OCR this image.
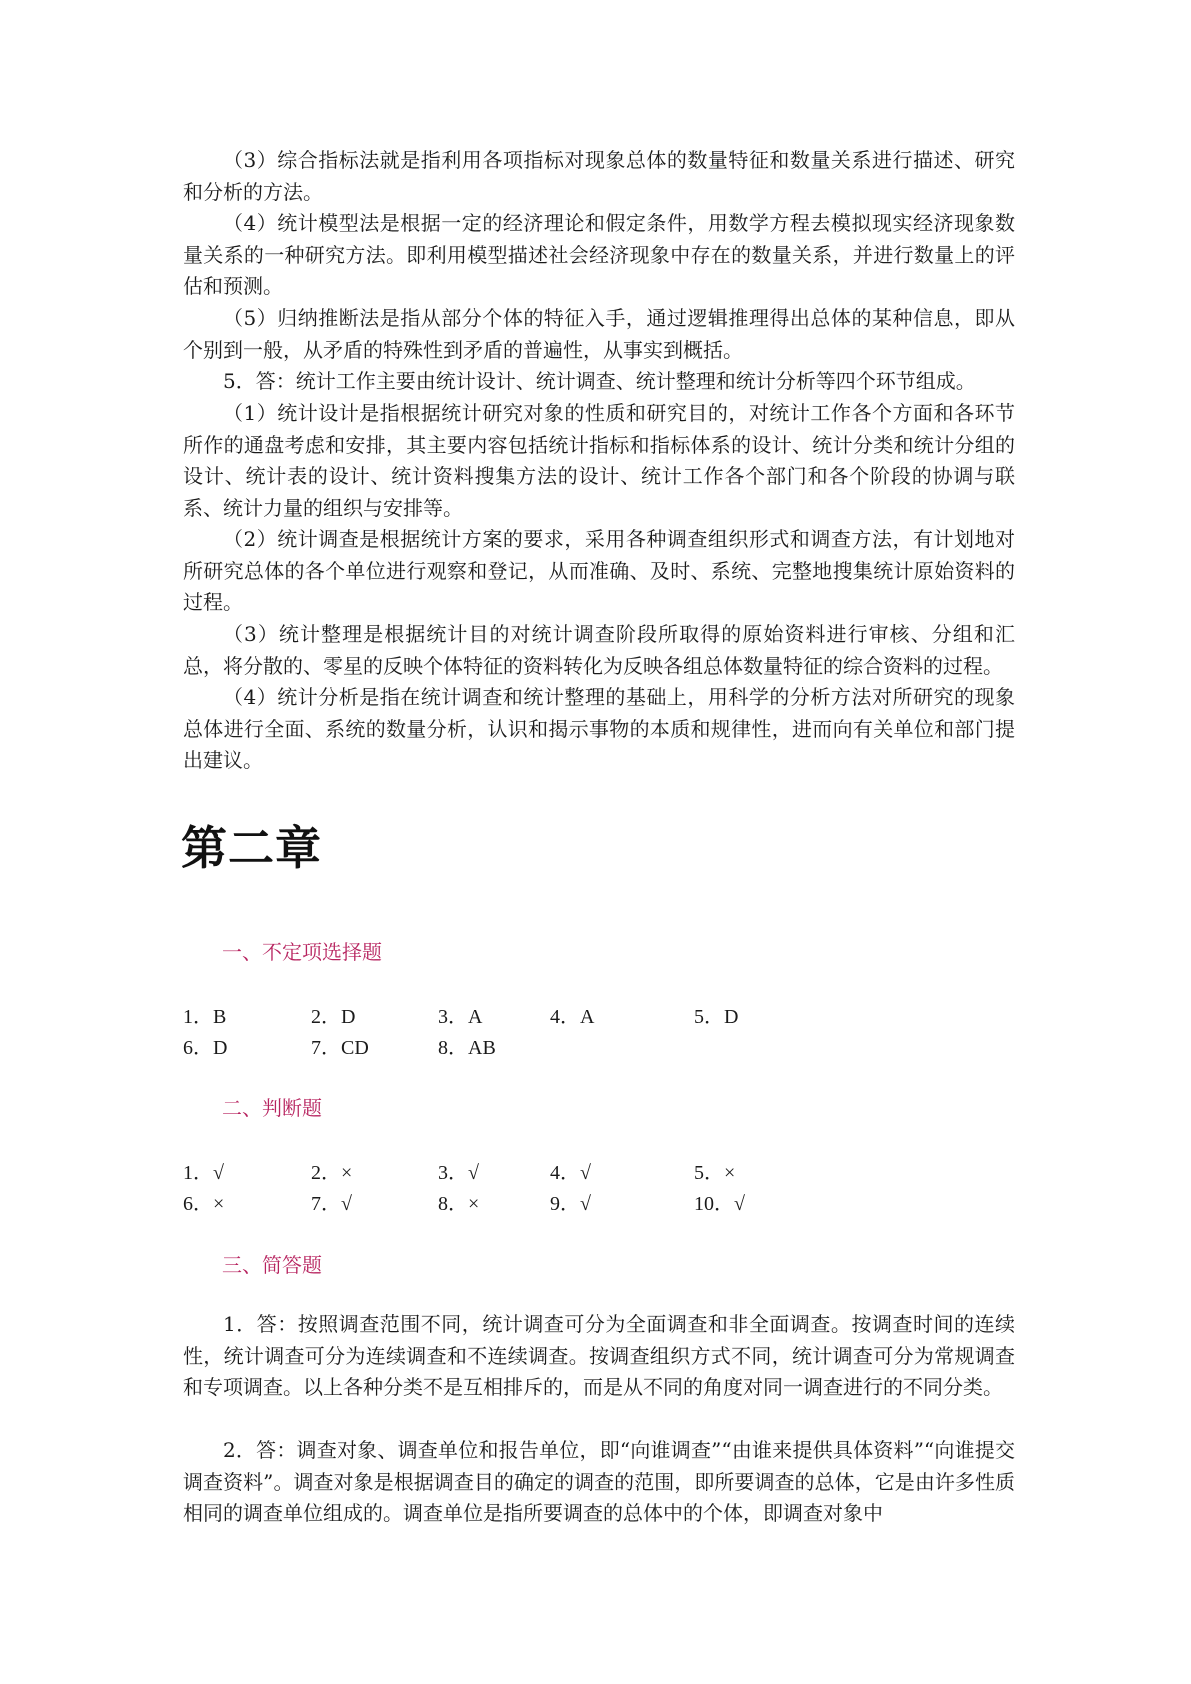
（3）综合指标法就是指利用各项指标对现象总体的数量特征和数量关系进行描述、研究和分析的方法。

（4）统计模型法是根据一定的经济理论和假定条件，用数学方程去模拟现实经济现象数量关系的一种研究方法。即利用模型描述社会经济现象中存在的数量关系，并进行数量上的评估和预测。

（5）归纳推断法是指从部分个体的特征入手，通过逻辑推理得出总体的某种信息，即从个别到一般，从矛盾的特殊性到矛盾的普遍性，从事实到概括。

5．答：统计工作主要由统计设计、统计调查、统计整理和统计分析等四个环节组成。

（1）统计设计是指根据统计研究对象的性质和研究目的，对统计工作各个方面和各环节所作的通盘考虑和安排，其主要内容包括统计指标和指标体系的设计、统计分类和统计分组的设计、统计表的设计、统计资料搜集方法的设计、统计工作各个部门和各个阶段的协调与联系、统计力量的组织与安排等。

（2）统计调查是根据统计方案的要求，采用各种调查组织形式和调查方法，有计划地对所研究总体的各个单位进行观察和登记，从而准确、及时、系统、完整地搜集统计原始资料的过程。

（3）统计整理是根据统计目的对统计调查阶段所取得的原始资料进行审核、分组和汇总，将分散的、零星的反映个体特征的资料转化为反映各组总体数量特征的综合资料的过程。

（4）统计分析是指在统计调查和统计整理的基础上，用科学的分析方法对所研究的现象总体进行全面、系统的数量分析，认识和揭示事物的本质和规律性，进而向有关单位和部门提出建议。

第二章
一、不定项选择题
1．B	2．D	3．A	4．A	5．D
6．D	7．CD	8．AB
二、判断题
1．√	2．×	3．√	4．√	5．×
6．×	7．√	8．×	9．√	10．√
三、简答题

1．答：按照调查范围不同，统计调查可分为全面调查和非全面调查。按调查时间的连续性，统计调查可分为连续调查和不连续调查。按调查组织方式不同，统计调查可分为常规调查和专项调查。以上各种分类不是互相排斥的，而是从不同的角度对同一调查进行的不同分类。

2．答：调查对象、调查单位和报告单位，即“向谁调查”“由谁来提供具体资料”“向谁提交调查资料”。调查对象是根据调查目的确定的调查的范围，即所要调查的总体，它是由许多性质相同的调查单位组成的。调查单位是指所要调查的总体中的个体，即调查对象中
